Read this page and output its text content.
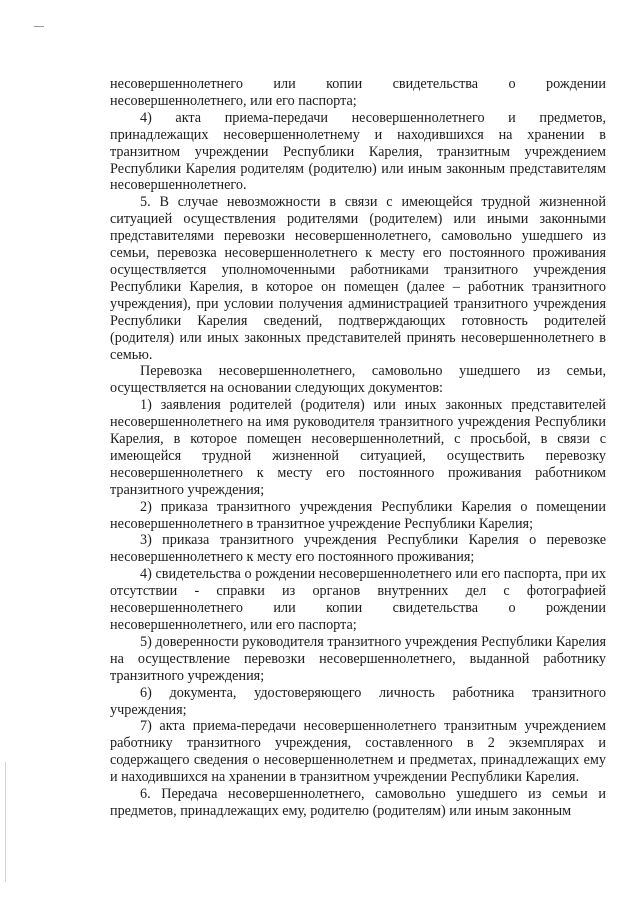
несовершеннолетнего или копии свидетельства о рождении несовершеннолетнего, или его паспорта;

4) акта приема-передачи несовершеннолетнего и предметов, принадлежащих несовершеннолетнему и находившихся на хранении в транзитном учреждении Республики Карелия, транзитным учреждением Республики Карелия родителям (родителю) или иным законным представителям несовершеннолетнего.

5. В случае невозможности в связи с имеющейся трудной жизненной ситуацией осуществления родителями (родителем) или иными законными представителями перевозки несовершеннолетнего, самовольно ушедшего из семьи, перевозка несовершеннолетнего к месту его постоянного проживания осуществляется уполномоченными работниками транзитного учреждения Республики Карелия, в которое он помещен (далее – работник транзитного учреждения), при условии получения администрацией транзитного учреждения Республики Карелия сведений, подтверждающих готовность родителей (родителя) или иных законных представителей принять несовершеннолетнего в семью.

Перевозка несовершеннолетнего, самовольно ушедшего из семьи, осуществляется на основании следующих документов:

1) заявления родителей (родителя) или иных законных представителей несовершеннолетнего на имя руководителя транзитного учреждения Республики Карелия, в которое помещен несовершеннолетний, с просьбой, в связи с имеющейся трудной жизненной ситуацией, осуществить перевозку несовершеннолетнего к месту его постоянного проживания работником транзитного учреждения;

2) приказа транзитного учреждения Республики Карелия о помещении несовершеннолетнего в транзитное учреждение Республики Карелия;

3) приказа транзитного учреждения Республики Карелия о перевозке несовершеннолетнего к месту его постоянного проживания;

4) свидетельства о рождении несовершеннолетнего или его паспорта, при их отсутствии - справки из органов внутренних дел с фотографией несовершеннолетнего или копии свидетельства о рождении несовершеннолетнего, или его паспорта;

5) доверенности руководителя транзитного учреждения Республики Карелия на осуществление перевозки несовершеннолетнего, выданной работнику транзитного учреждения;

6) документа, удостоверяющего личность работника транзитного учреждения;

7) акта приема-передачи несовершеннолетнего транзитным учреждением работнику транзитного учреждения, составленного в 2 экземплярах и содержащего сведения о несовершеннолетнем и предметах, принадлежащих ему и находившихся на хранении в транзитном учреждении Республики Карелия.

6. Передача несовершеннолетнего, самовольно ушедшего из семьи и предметов, принадлежащих ему, родителю (родителям) или иным законным
